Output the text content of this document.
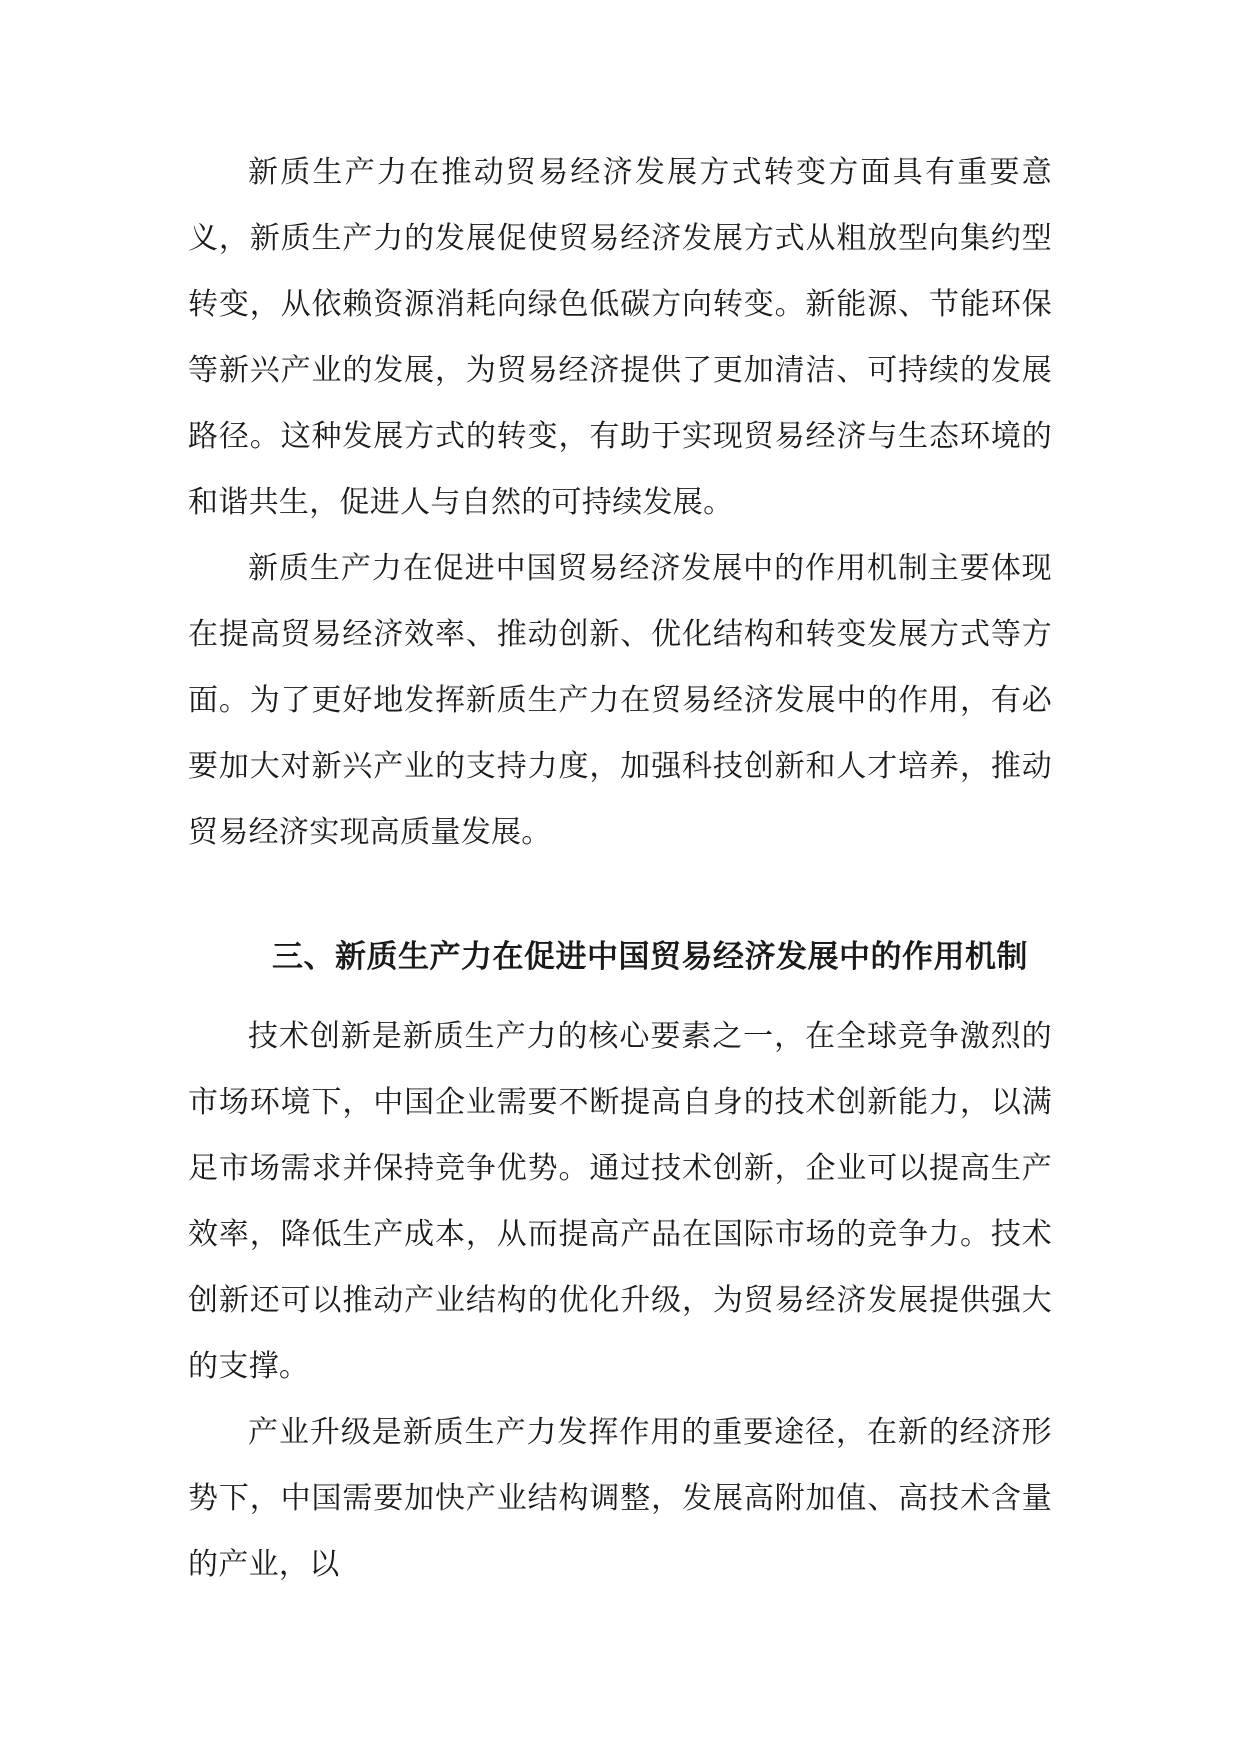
新质生产力在推动贸易经济发展方式转变方面具有重要意义，新质生产力的发展促使贸易经济发展方式从粗放型向集约型转变，从依赖资源消耗向绿色低碳方向转变。新能源、节能环保等新兴产业的发展，为贸易经济提供了更加清洁、可持续的发展路径。这种发展方式的转变，有助于实现贸易经济与生态环境的和谐共生，促进人与自然的可持续发展。

新质生产力在促进中国贸易经济发展中的作用机制主要体现在提高贸易经济效率、推动创新、优化结构和转变发展方式等方面。为了更好地发挥新质生产力在贸易经济发展中的作用，有必要加大对新兴产业的支持力度，加强科技创新和人才培养，推动贸易经济实现高质量发展。

三、新质生产力在促进中国贸易经济发展中的作用机制

技术创新是新质生产力的核心要素之一，在全球竞争激烈的市场环境下，中国企业需要不断提高自身的技术创新能力，以满足市场需求并保持竞争优势。通过技术创新，企业可以提高生产效率，降低生产成本，从而提高产品在国际市场的竞争力。技术创新还可以推动产业结构的优化升级，为贸易经济发展提供强大的支撑。

产业升级是新质生产力发挥作用的重要途径，在新的经济形势下，中国需要加快产业结构调整，发展高附加值、高技术含量的产业，以
